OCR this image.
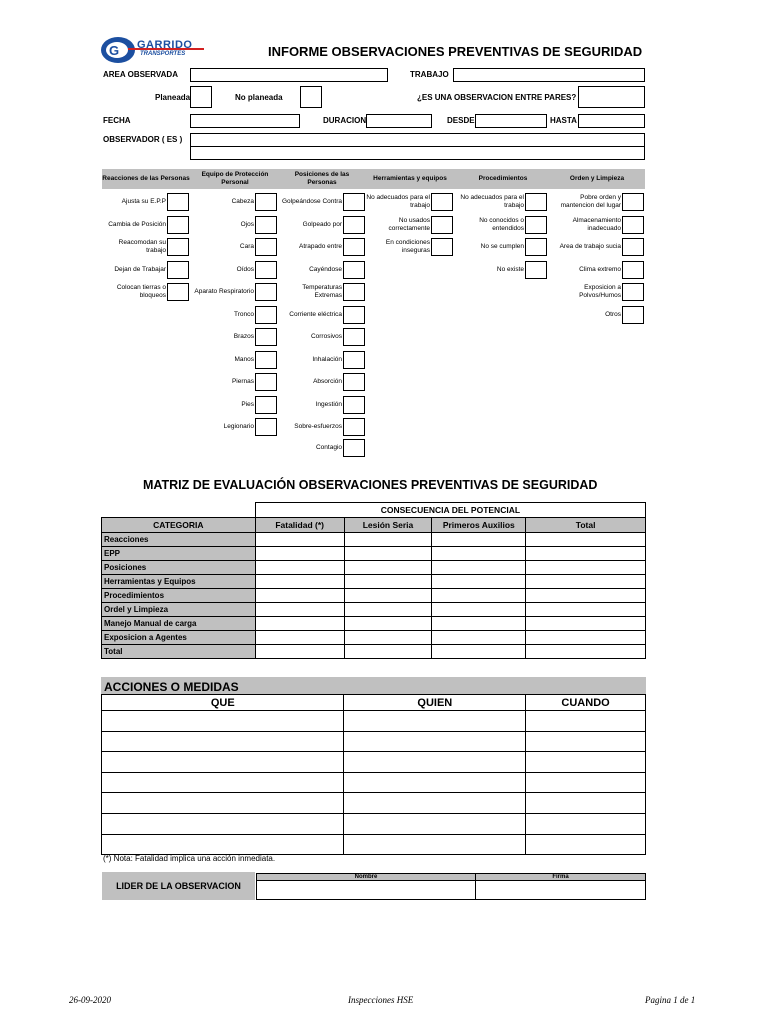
G GARRIDO
TRANSPORTES	INFORME OBSERVACIONES PREVENTIVAS DE SEGURIDAD
AREA OBSERVADA	TRABAJO
Planeada	No planeada	¿ES UNA OBSERVACION ENTRE PARES?
FECHA	DURACION	DESDE	HASTA
OBSERVADOR ( ES )
Reacciones de las Personas
Equipo de Protección Personal
Posiciones de las Personas
Herramientas y equipos	Procedimientos	Orden y Limpieza
Ajusta su E.P.P
Cambia de Posición
Reacomodan su trabajo
Dejan de Trabajar
Colocan tierras o bloqueos
Cabeza
Ojos
Cara
Oídos
Aparato Respiratorio
Tronco
Brazos
Manos
Piernas
Pies
Legionario
Golpeándose Contra
Golpeado por
Atrapado entre
Cayéndose
Temperaturas Extremas
Corriente eléctrica
Corrosivos
Inhalación
Absorción
Ingestión
Sobre-esfuerzos
Contagio
No adecuados para el trabajo
No usados correctamente
En condiciones inseguras
No adecuados para el trabajo
No conocidos o entendidos
No se cumplen
No existe
Pobre orden y mantencion del lugar
Almacenamiento inadecuado
Area de trabajo sucia
Clima extremo
Exposicion a Polvos/Humos
Otros
MATRIZ DE EVALUACIÓN OBSERVACIONES PREVENTIVAS DE SEGURIDAD
	CONSECUENCIA DEL POTENCIAL			
CATEGORIA	Fatalidad (*)	Lesión Seria	Primeros Auxilios	Total
Reacciones				
EPP				
Posiciones				
Herramientas y Equipos				
Procedimientos				
Ordel y Limpieza				
Manejo Manual de carga				
Exposicion a Agentes				
Total				
ACCIONES O MEDIDAS
QUE	QUIEN	CUANDO

(*) Nota: Fatalidad implica una acción inmediata.
LIDER DE LA OBSERVACION
Nombre	Firma
26-09-2020	Inspecciones HSE	Pagina 1 de 1
